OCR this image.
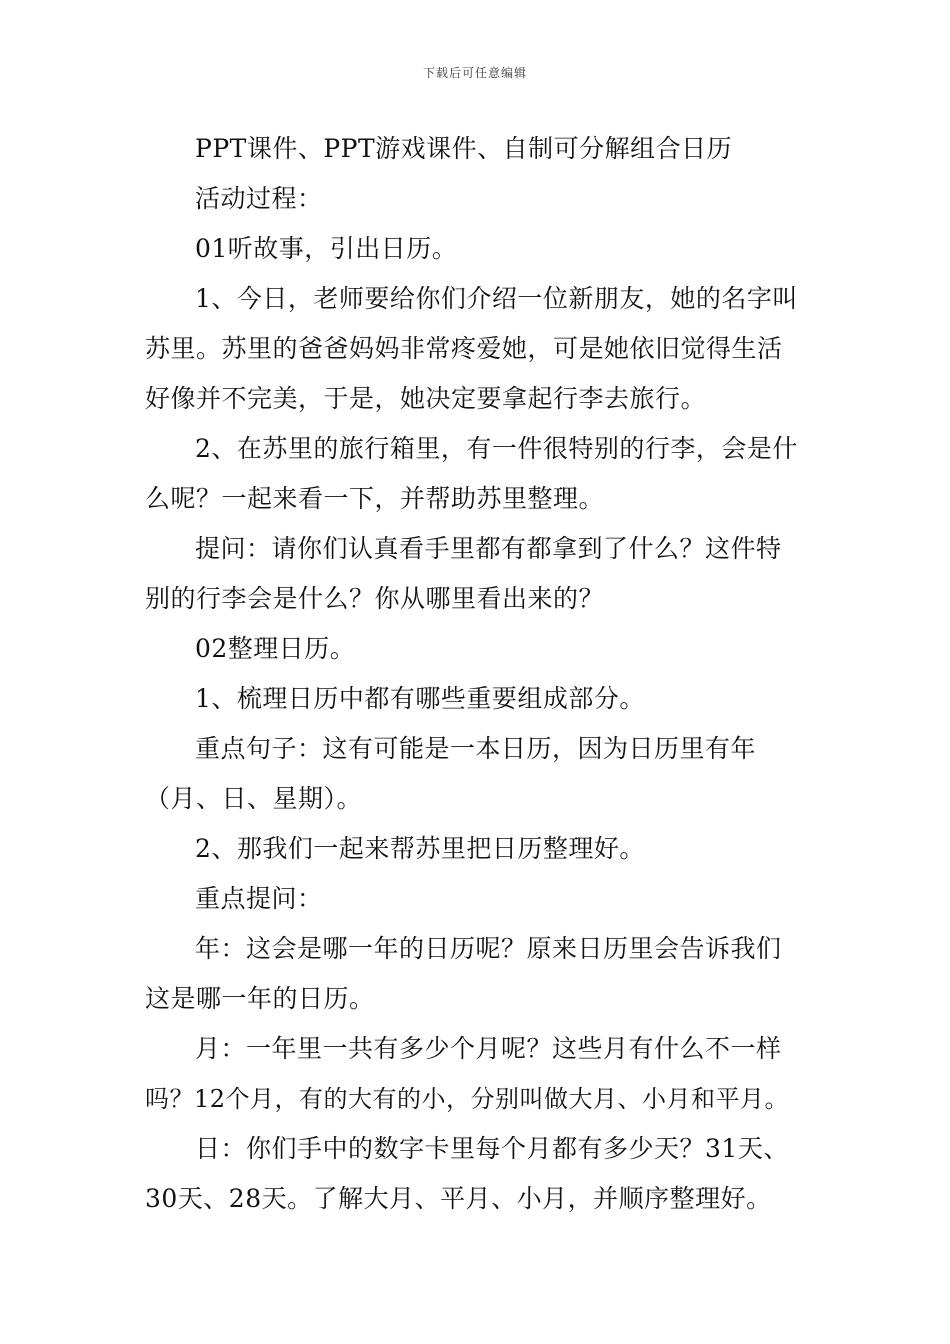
下载后可任意编辑
PPT课件、PPT游戏课件、自制可分解组合日历
活动过程：
01听故事，引出日历。
1、今日，老师要给你们介绍一位新朋友，她的名字叫
苏里。苏里的爸爸妈妈非常疼爱她，可是她依旧觉得生活
好像并不完美，于是，她决定要拿起行李去旅行。
2、在苏里的旅行箱里，有一件很特别的行李，会是什
么呢？一起来看一下，并帮助苏里整理。
提问：请你们认真看手里都有都拿到了什么？这件特
别的行李会是什么？你从哪里看出来的？
02整理日历。
1、梳理日历中都有哪些重要组成部分。
重点句子：这有可能是一本日历，因为日历里有年
（月、日、星期）。
2、那我们一起来帮苏里把日历整理好。
重点提问：
年：这会是哪一年的日历呢？原来日历里会告诉我们
这是哪一年的日历。
月：一年里一共有多少个月呢？这些月有什么不一样
吗？12个月，有的大有的小，分别叫做大月、小月和平月。
日：你们手中的数字卡里每个月都有多少天？31天、
30天、28天。了解大月、平月、小月，并顺序整理好。
